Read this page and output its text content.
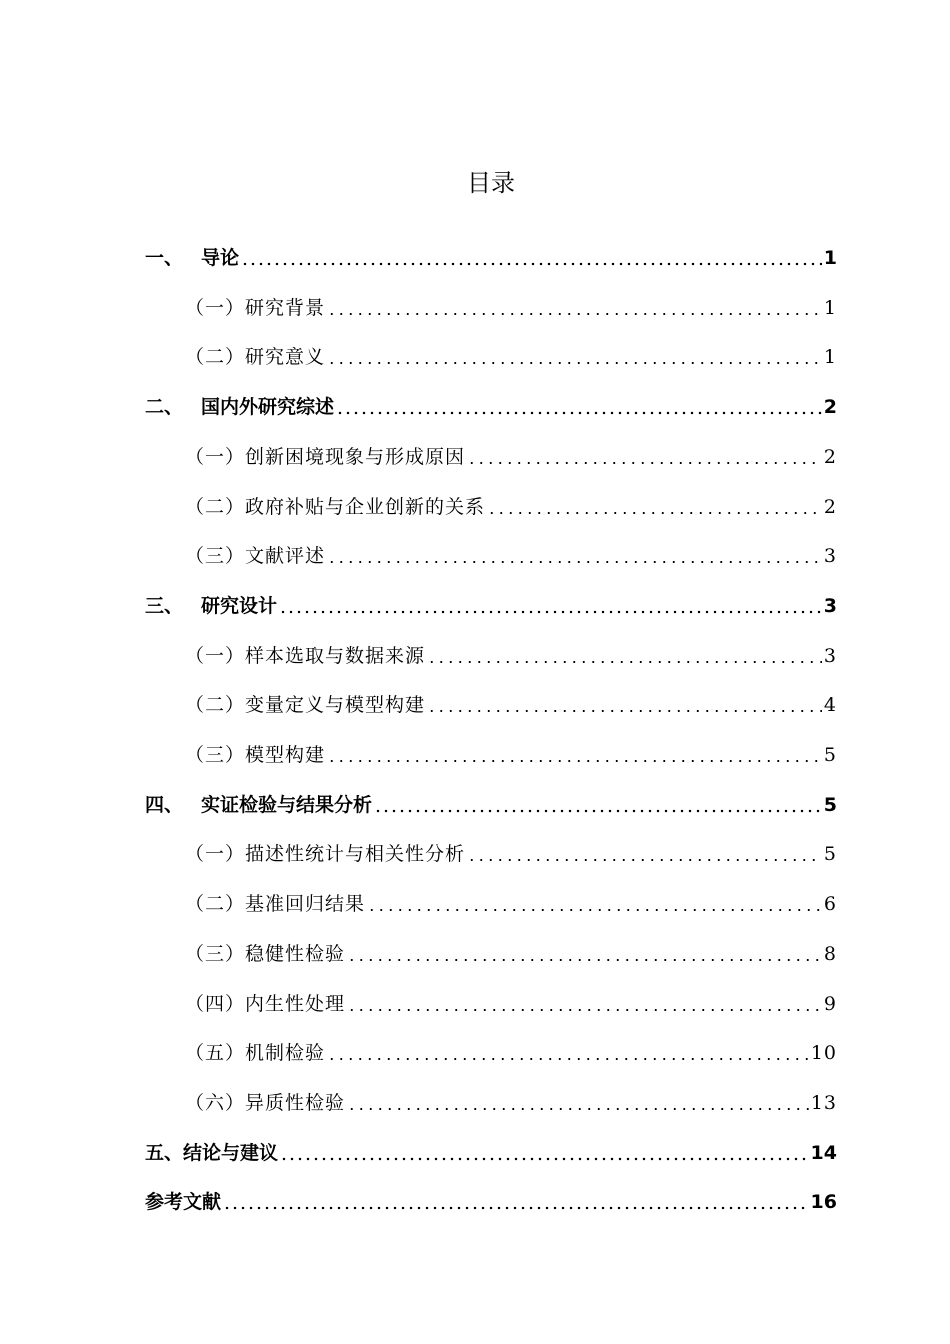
目录
一、 导论	1
（一）研究背景	1
（二）研究意义	1
二、 国内外研究综述	2
（一）创新困境现象与形成原因	2
（二）政府补贴与企业创新的关系	2
（三）文献评述	3
三、 研究设计	3
（一）样本选取与数据来源	3
（二）变量定义与模型构建	4
（三）模型构建	5
四、 实证检验与结果分析	5
（一）描述性统计与相关性分析	5
（二）基准回归结果	6
（三）稳健性检验	8
（四）内生性处理	9
（五）机制检验	10
（六）异质性检验	13
五、结论与建议	14
参考文献	16
